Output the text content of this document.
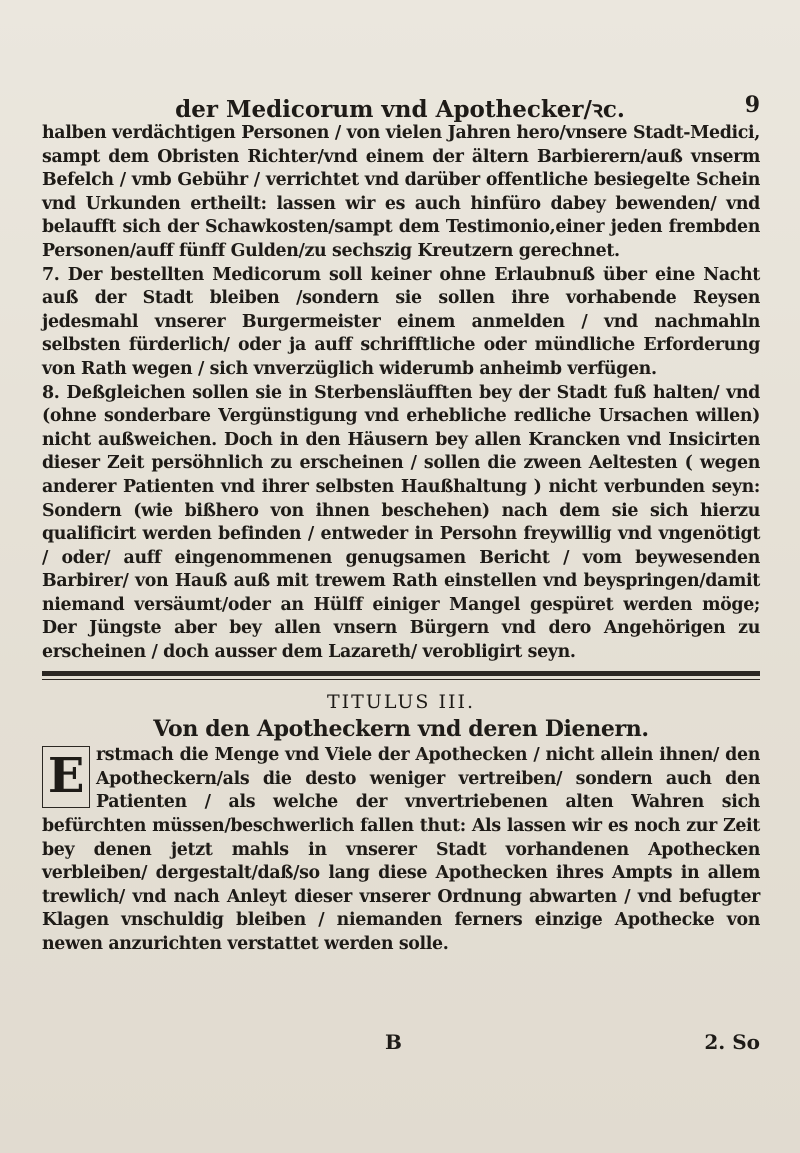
der Medicorum vnd Apothecker/ꝛc.	9

halben verdächtigen Personen / von vielen Jahren hero/vnsere Stadt-Medici, sampt dem Obristen Richter/vnd einem der ältern Barbierern/auß vnserm Befelch / vmb Gebühr / verrichtet vnd darüber offentliche besiegelte Schein vnd Urkunden ertheilt: lassen wir es auch hinfüro dabey bewenden/ vnd belaufft sich der Schawkosten/sampt dem Testimonio,einer jeden frembden Personen/auff fünff Gulden/zu sechszig Kreutzern gerechnet.

7. Der bestellten Medicorum soll keiner ohne Erlaubnuß über eine Nacht auß der Stadt bleiben /sondern sie sollen ihre vorhabende Reysen jedesmahl vnserer Burgermeister einem anmelden / vnd nachmahln selbsten fürderlich/ oder ja auff schrifftliche oder mündliche Erforderung von Rath wegen / sich vnverzüglich widerumb anheimb verfügen.

8. Deßgleichen sollen sie in Sterbensläufften bey der Stadt fuß halten/ vnd (ohne sonderbare Vergünstigung vnd erhebliche redliche Ursachen willen) nicht außweichen. Doch in den Häusern bey allen Krancken vnd Insicirten dieser Zeit persöhnlich zu erscheinen / sollen die zween Aeltesten ( wegen anderer Patienten vnd ihrer selbsten Haußhaltung ) nicht verbunden seyn: Sondern (wie bißhero von ihnen beschehen) nach dem sie sich hierzu qualificirt werden befinden / entweder in Persohn freywillig vnd vngenötigt / oder/ auff eingenommenen genugsamen Bericht / vom beywesenden Barbirer/ von Hauß auß mit trewem Rath einstellen vnd beyspringen/damit niemand versäumt/oder an Hülff einiger Mangel gespüret werden möge; Der Jüngste aber bey allen vnsern Bürgern vnd dero Angehörigen zu erscheinen / doch ausser dem Lazareth/ verobligirt seyn.

TITULUS III.
Von den Apotheckern vnd deren Dienern.

E rstmach die Menge vnd Viele der Apothecken / nicht allein ihnen/ den Apotheckern/als die desto weniger vertreiben/ sondern auch den Patienten / als welche der vnvertriebenen alten Wahren sich befürchten müssen/beschwerlich fallen thut: Als lassen wir es noch zur Zeit bey denen jetzt mahls in vnserer Stadt vorhandenen Apothecken verbleiben/ dergestalt/daß/so lang diese Apothecken ihres Ampts in allem trewlich/ vnd nach Anleyt dieser vnserer Ordnung abwarten / vnd befugter Klagen vnschuldig bleiben / niemanden ferners einzige Apothecke von newen anzurichten verstattet werden solle.

B	2. So
